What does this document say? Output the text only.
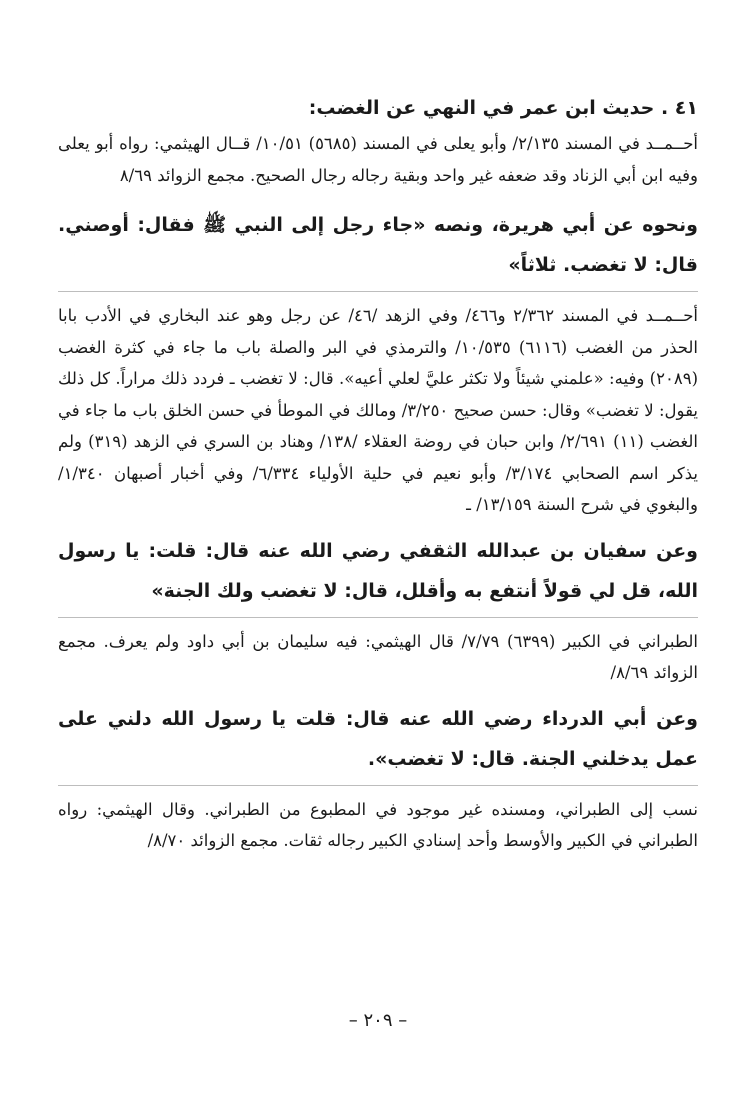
٤١ . حديث ابن عمر في النهي عن الغضب:

أحــمــد في المسند ٢/١٣٥/ وأبو يعلى في المسند (٥٦٨٥) ١٠/٥١/ قــال الهيثمي: رواه أبو يعلى وفيه ابن أبي الزناد وقد ضعفه غير واحد وبقية رجاله رجال الصحيح. مجمع الزوائد ٨/٦٩

ونحوه عن أبي هريرة، ونصه «جاء رجل إلى النبي ﷺ فقال: أوصني. قال: لا تغضب. ثلاثاً»

أحــمــد في المسند ٢/٣٦٢ و٤٦٦/ وفي الزهد /٤٦/ عن رجل وهو عند البخاري في الأدب بابا الحذر من الغضب (٦١١٦) ١٠/٥٣٥/ والترمذي في البر والصلة باب ما جاء في كثرة الغضب (٢٠٨٩) وفيه: «علمني شيئاً ولا تكثر عليَّ لعلي أعيه». قال: لا تغضب ـ فردد ذلك مراراً. كل ذلك يقول: لا تغضب» وقال: حسن صحيح ٣/٢٥٠/ ومالك في الموطأ في حسن الخلق باب ما جاء في الغضب (١١) ٢/٦٩١/ وابن حبان في روضة العقلاء /١٣٨/ وهناد بن السري في الزهد (٣١٩) ولم يذكر اسم الصحابي ٣/١٧٤/ وأبو نعيم في حلية الأولياء ٦/٣٣٤/ وفي أخبار أصبهان ١/٣٤٠/ والبغوي في شرح السنة ١٣/١٥٩/ ـ

وعن سفيان بن عبدالله الثقفي رضي الله عنه قال: قلت: يا رسول الله، قل لي قولاً أنتفع به وأقلل، قال: لا تغضب ولك الجنة»

الطبراني في الكبير (٦٣٩٩) ٧/٧٩/ قال الهيثمي: فيه سليمان بن أبي داود ولم يعرف. مجمع الزوائد ٨/٦٩/

وعن أبي الدرداء رضي الله عنه قال: قلت يا رسول الله دلني على عمل يدخلني الجنة. قال: لا تغضب».

نسب إلى الطبراني، ومسنده غير موجود في المطبوع من الطبراني. وقال الهيثمي: رواه الطبراني في الكبير والأوسط وأحد إسنادي الكبير رجاله ثقات. مجمع الزوائد ٨/٧٠/

– ٢٠٩ –
